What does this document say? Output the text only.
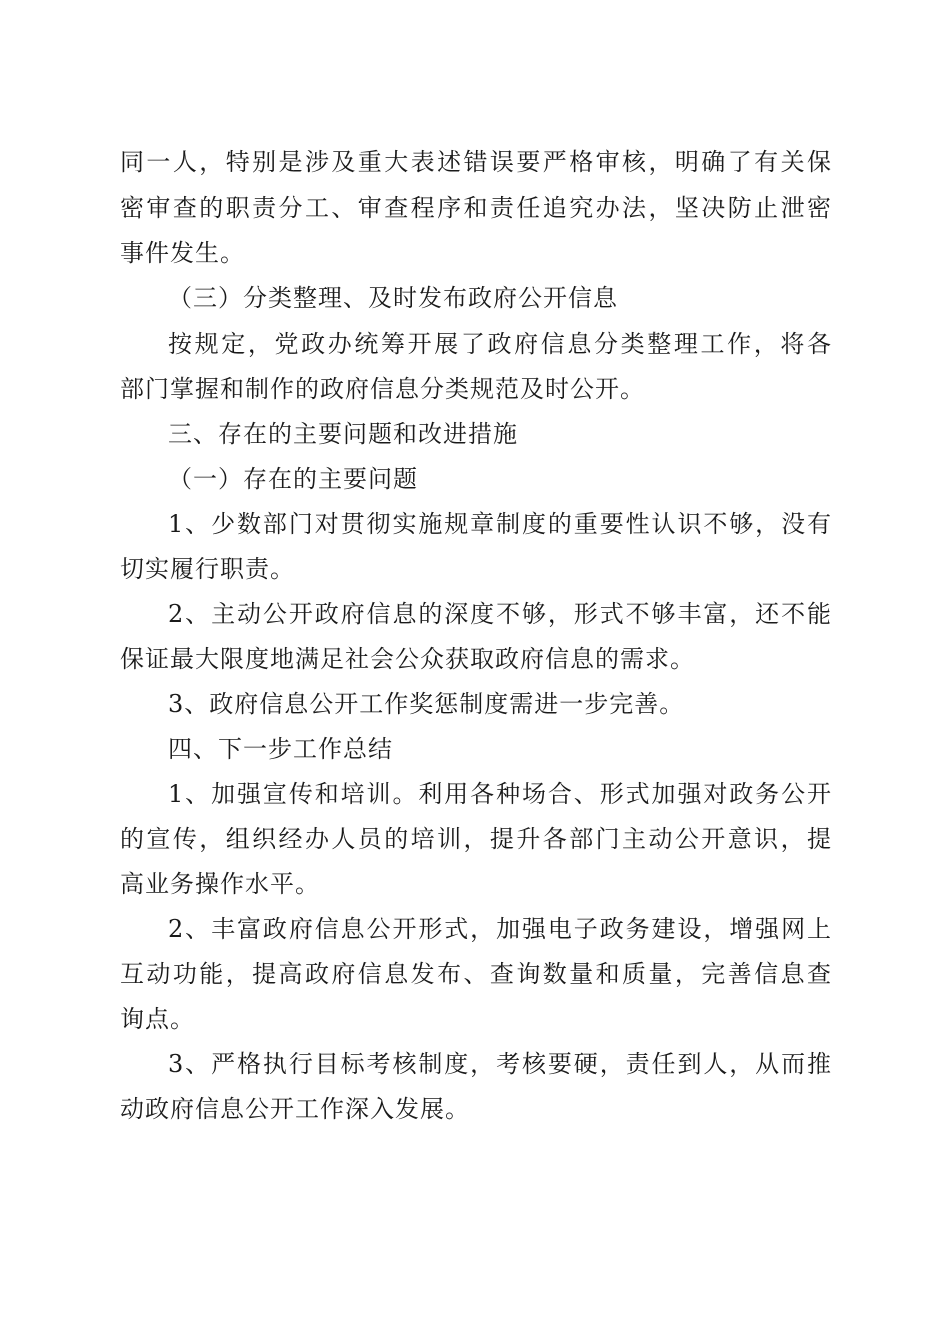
同一人，特别是涉及重大表述错误要严格审核，明确了有关保
密审查的职责分工、审查程序和责任追究办法，坚决防止泄密
事件发生。
（三）分类整理、及时发布政府公开信息
按规定，党政办统筹开展了政府信息分类整理工作，将各
部门掌握和制作的政府信息分类规范及时公开。
三、存在的主要问题和改进措施
（一）存在的主要问题
1、少数部门对贯彻实施规章制度的重要性认识不够，没有
切实履行职责。
2、主动公开政府信息的深度不够，形式不够丰富，还不能
保证最大限度地满足社会公众获取政府信息的需求。
3、政府信息公开工作奖惩制度需进一步完善。
四、下一步工作总结
1、加强宣传和培训。利用各种场合、形式加强对政务公开
的宣传，组织经办人员的培训，提升各部门主动公开意识，提
高业务操作水平。
2、丰富政府信息公开形式，加强电子政务建设，增强网上
互动功能，提高政府信息发布、查询数量和质量，完善信息查
询点。
3、严格执行目标考核制度，考核要硬，责任到人，从而推
动政府信息公开工作深入发展。
